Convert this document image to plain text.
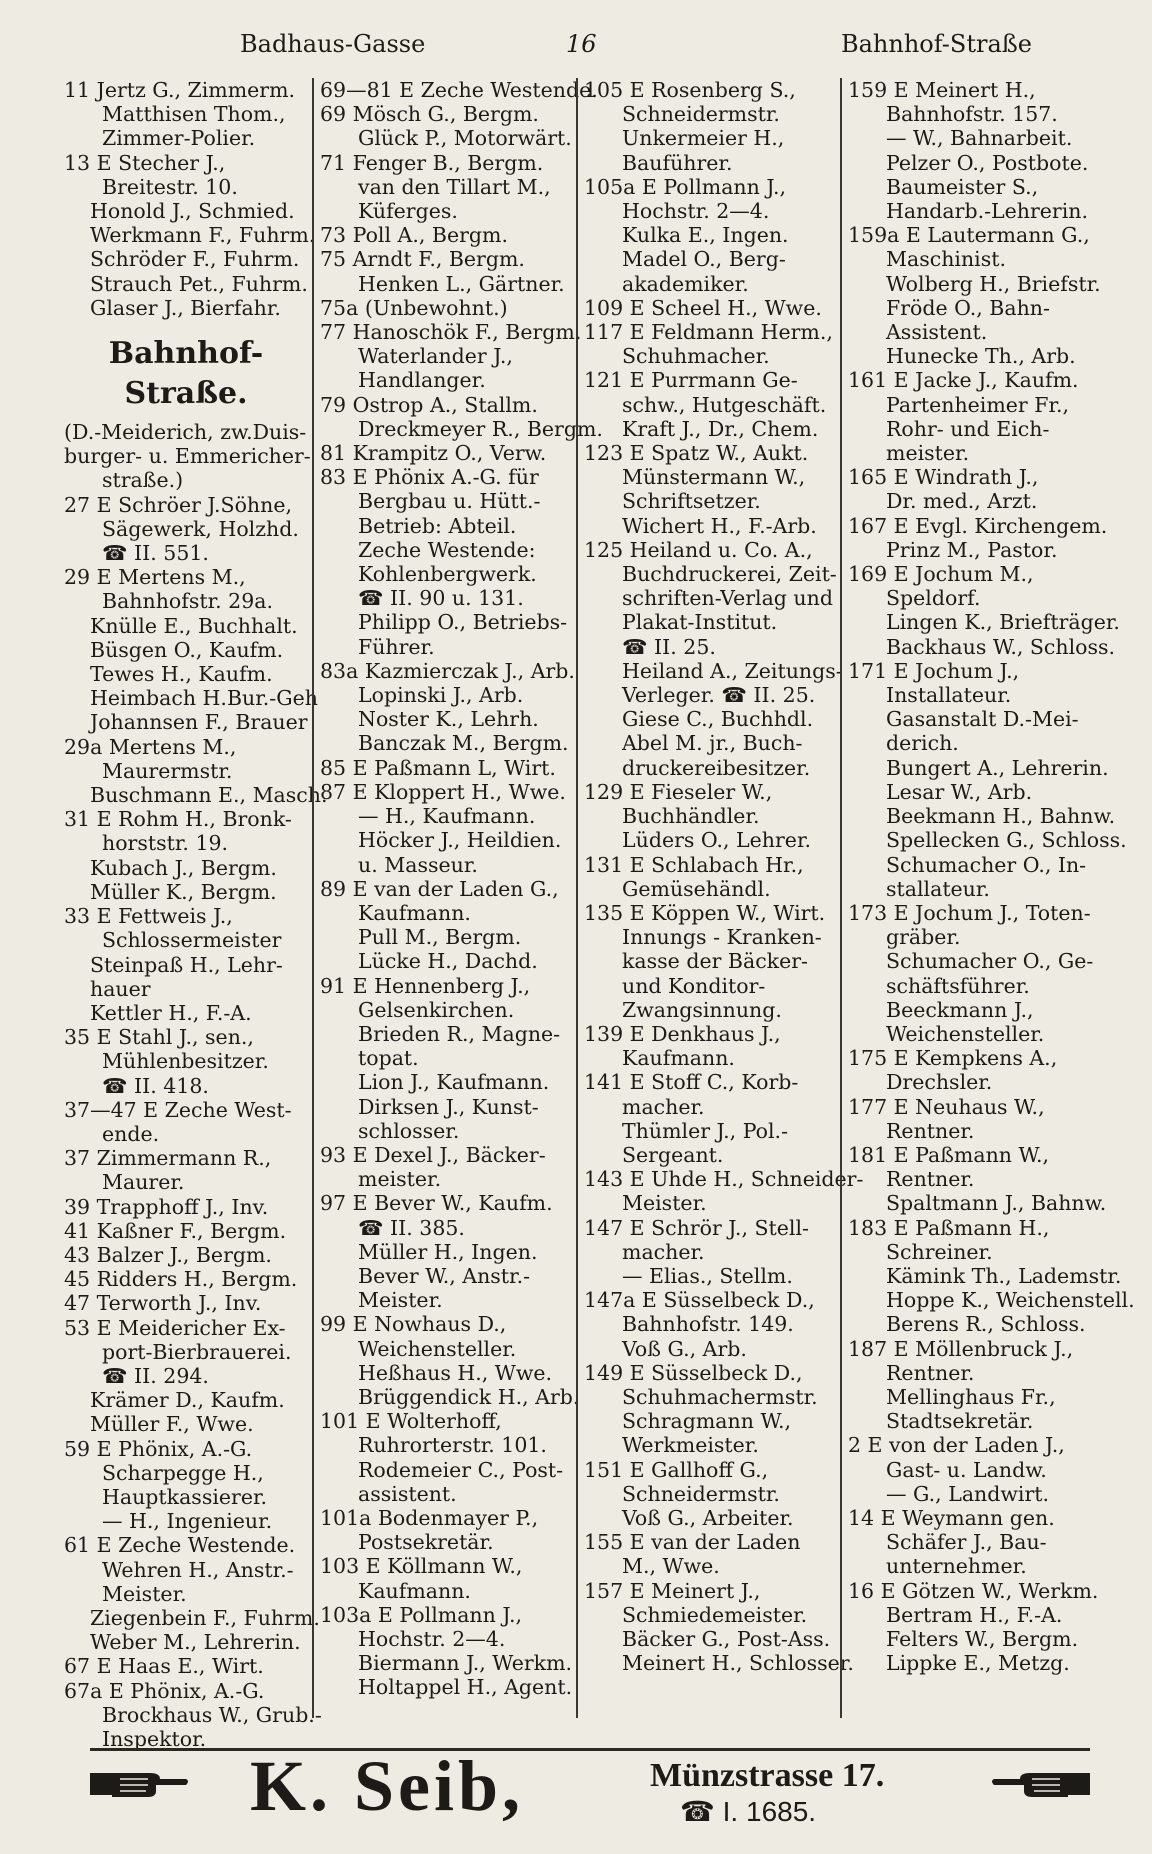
Badhaus-Gasse	16	Bahnhof-Straße
11 Jertz G., Zimmerm.
Matthisen Thom.,
Zimmer-Polier.
13 E Stecher J.,
Breitestr. 10.
Honold J., Schmied.
Werkmann F., Fuhrm.
Schröder F., Fuhrm.
Strauch Pet., Fuhrm.
Glaser J., Bierfahr.
Bahnhof-Straße.
(D.-Meiderich, zw.Duis-
burger- u. Emmericher-
straße.)
27 E Schröer J.Söhne,
Sägewerk, Holzhd.
☎ II. 551.
29 E Mertens M.,
Bahnhofstr. 29a.
Knülle E., Buchhalt.
Büsgen O., Kaufm.
Tewes H., Kaufm.
Heimbach H.Bur.-Geh
Johannsen F., Brauer
29a Mertens M.,
Maurermstr.
Buschmann E., Masch.
31 E Rohm H., Bronk-
horststr. 19.
Kubach J., Bergm.
Müller K., Bergm.
33 E Fettweis J.,
Schlossermeister
Steinpaß H., Lehr-
hauer
Kettler H., F.-A.
35 E Stahl J., sen.,
Mühlenbesitzer.
☎ II. 418.
37—47 E Zeche West-
ende.
37 Zimmermann R.,
Maurer.
39 Trapphoff J., Inv.
41 Kaßner F., Bergm.
43 Balzer J., Bergm.
45 Ridders H., Bergm.
47 Terworth J., Inv.
53 E Meidericher Ex-
port-Bierbrauerei.
☎ II. 294.
Krämer D., Kaufm.
Müller F., Wwe.
59 E Phönix, A.-G.
Scharpegge H.,
Hauptkassierer.
— H., Ingenieur.
61 E Zeche Westende.
Wehren H., Anstr.-
Meister.
Ziegenbein F., Fuhrm.
Weber M., Lehrerin.
67 E Haas E., Wirt.
67a E Phönix, A.-G.
Brockhaus W., Grub.-
Inspektor.
69—81 E Zeche Westende.
69 Mösch G., Bergm.
Glück P., Motorwärt.
71 Fenger B., Bergm.
van den Tillart M.,
Küferges.
73 Poll A., Bergm.
75 Arndt F., Bergm.
Henken L., Gärtner.
75a (Unbewohnt.)
77 Hanoschök F., Bergm.
Waterlander J.,
Handlanger.
79 Ostrop A., Stallm.
Dreckmeyer R., Bergm.
81 Krampitz O., Verw.
83 E Phönix A.-G. für
Bergbau u. Hütt.-
Betrieb: Abteil.
Zeche Westende:
Kohlenbergwerk.
☎ II. 90 u. 131.
Philipp O., Betriebs-
Führer.
83a Kazmierczak J., Arb.
Lopinski J., Arb.
Noster K., Lehrh.
Banczak M., Bergm.
85 E Paßmann L, Wirt.
87 E Kloppert H., Wwe.
— H., Kaufmann.
Höcker J., Heildien.
u. Masseur.
89 E van der Laden G.,
Kaufmann.
Pull M., Bergm.
Lücke H., Dachd.
91 E Hennenberg J.,
Gelsenkirchen.
Brieden R., Magne-
topat.
Lion J., Kaufmann.
Dirksen J., Kunst-
schlosser.
93 E Dexel J., Bäcker-
meister.
97 E Bever W., Kaufm.
☎ II. 385.
Müller H., Ingen.
Bever W., Anstr.-
Meister.
99 E Nowhaus D.,
Weichensteller.
Heßhaus H., Wwe.
Brüggendick H., Arb.
101 E Wolterhoff,
Ruhrorterstr. 101.
Rodemeier C., Post-
assistent.
101a Bodenmayer P.,
Postsekretär.
103 E Köllmann W.,
Kaufmann.
103a E Pollmann J.,
Hochstr. 2—4.
Biermann J., Werkm.
Holtappel H., Agent.
105 E Rosenberg S.,
Schneidermstr.
Unkermeier H.,
Bauführer.
105a E Pollmann J.,
Hochstr. 2—4.
Kulka E., Ingen.
Madel O., Berg-
akademiker.
109 E Scheel H., Wwe.
117 E Feldmann Herm.,
Schuhmacher.
121 E Purrmann Ge-
schw., Hutgeschäft.
Kraft J., Dr., Chem.
123 E Spatz W., Aukt.
Münstermann W.,
Schriftsetzer.
Wichert H., F.-Arb.
125 Heiland u. Co. A.,
Buchdruckerei, Zeit-
schriften-Verlag und
Plakat-Institut.
☎ II. 25.
Heiland A., Zeitungs-
Verleger. ☎ II. 25.
Giese C., Buchhdl.
Abel M. jr., Buch-
druckereibesitzer.
129 E Fieseler W.,
Buchhändler.
Lüders O., Lehrer.
131 E Schlabach Hr.,
Gemüsehändl.
135 E Köppen W., Wirt.
Innungs - Kranken-
kasse der Bäcker-
und Konditor-
Zwangsinnung.
139 E Denkhaus J.,
Kaufmann.
141 E Stoff C., Korb-
macher.
Thümler J., Pol.-
Sergeant.
143 E Uhde H., Schneider-
Meister.
147 E Schrör J., Stell-
macher.
— Elias., Stellm.
147a E Süsselbeck D.,
Bahnhofstr. 149.
Voß G., Arb.
149 E Süsselbeck D.,
Schuhmachermstr.
Schragmann W.,
Werkmeister.
151 E Gallhoff G.,
Schneidermstr.
Voß G., Arbeiter.
155 E van der Laden
M., Wwe.
157 E Meinert J.,
Schmiedemeister.
Bäcker G., Post-Ass.
Meinert H., Schlosser.
159 E Meinert H.,
Bahnhofstr. 157.
— W., Bahnarbeit.
Pelzer O., Postbote.
Baumeister S.,
Handarb.-Lehrerin.
159a E Lautermann G.,
Maschinist.
Wolberg H., Briefstr.
Fröde O., Bahn-
Assistent.
Hunecke Th., Arb.
161 E Jacke J., Kaufm.
Partenheimer Fr.,
Rohr- und Eich-
meister.
165 E Windrath J.,
Dr. med., Arzt.
167 E Evgl. Kirchengem.
Prinz M., Pastor.
169 E Jochum M.,
Speldorf.
Lingen K., Briefträger.
Backhaus W., Schloss.
171 E Jochum J.,
Installateur.
Gasanstalt D.-Mei-
derich.
Bungert A., Lehrerin.
Lesar W., Arb.
Beekmann H., Bahnw.
Spellecken G., Schloss.
Schumacher O., In-
stallateur.
173 E Jochum J., Toten-
gräber.
Schumacher O., Ge-
schäftsführer.
Beeckmann J.,
Weichensteller.
175 E Kempkens A.,
Drechsler.
177 E Neuhaus W.,
Rentner.
181 E Paßmann W.,
Rentner.
Spaltmann J., Bahnw.
183 E Paßmann H.,
Schreiner.
Kämink Th., Lademstr.
Hoppe K., Weichenstell.
Berens R., Schloss.
187 E Möllenbruck J.,
Rentner.
Mellinghaus Fr.,
Stadtsekretär.
2 E von der Laden J.,
Gast- u. Landw.
— G., Landwirt.
14 E Weymann gen.
Schäfer J., Bau-
unternehmer.
16 E Götzen W., Werkm.
Bertram H., F.-A.
Felters W., Bergm.
Lippke E., Metzg.
K. Seib,	Münzstrasse 17.
☎ I. 1685.
